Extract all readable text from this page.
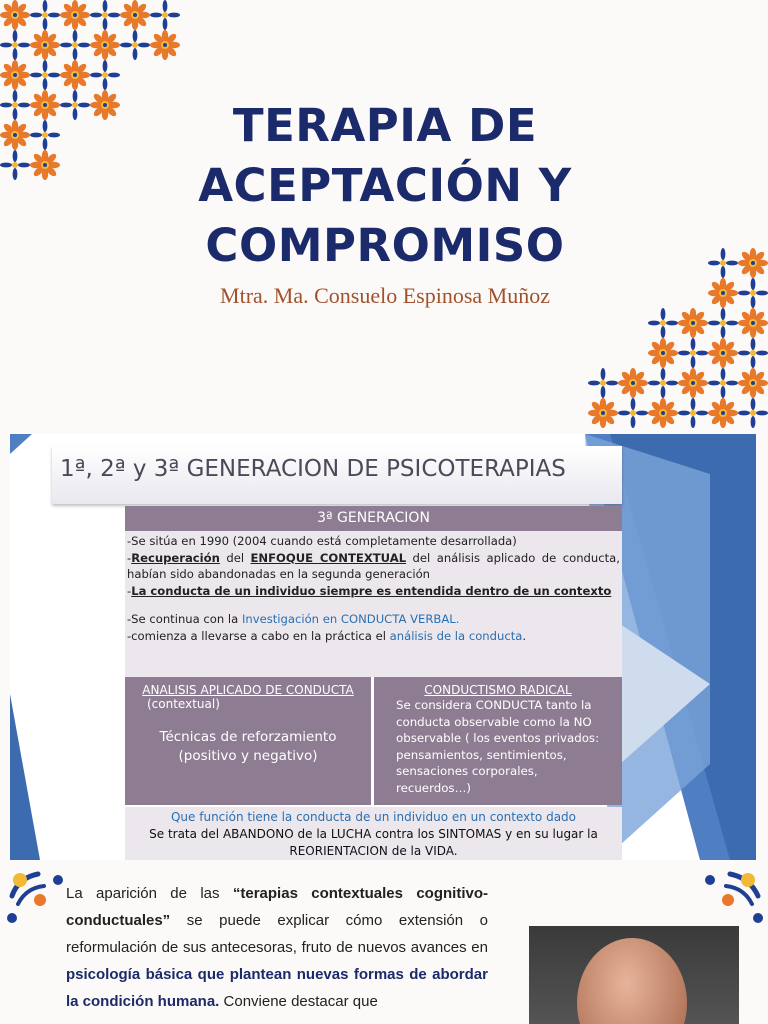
TERAPIA DE
ACEPTACIÓN Y
COMPROMISO
Mtra. Ma. Consuelo Espinosa Muñoz
1ª, 2ª y 3ª GENERACION DE PSICOTERAPIAS
3ª GENERACION

-Se sitúa en 1990 (2004 cuando está completamente desarrollada)

-Recuperación del ENFOQUE CONTEXTUAL del análisis aplicado de conducta, habían sido abandonadas en la segunda generación

-La conducta de un individuo siempre es entendida dentro de un contexto

-Se continua con la Investigación en CONDUCTA VERBAL.

-comienza a llevarse a cabo en la práctica el análisis de la conducta.

ANALISIS APLICADO DE CONDUCTA
(contextual)
Técnicas de reforzamiento
(positivo y negativo)
CONDUCTISMO RADICAL
Se considera CONDUCTA tanto la conducta observable como la NO observable ( los eventos privados: pensamientos, sentimientos, sensaciones corporales, recuerdos…)
Que función tiene la conducta de un individuo en un contexto dado
Se trata del ABANDONO de la LUCHA contra los SINTOMAS y en su lugar la
REORIENTACION de la VIDA.
La aparición de las “terapias contextuales cognitivo-conductuales” se puede explicar cómo extensión o reformulación de sus antecesoras, fruto de nuevos avances en psicología básica que plantean nuevas formas de abordar la condición humana. Conviene destacar que
